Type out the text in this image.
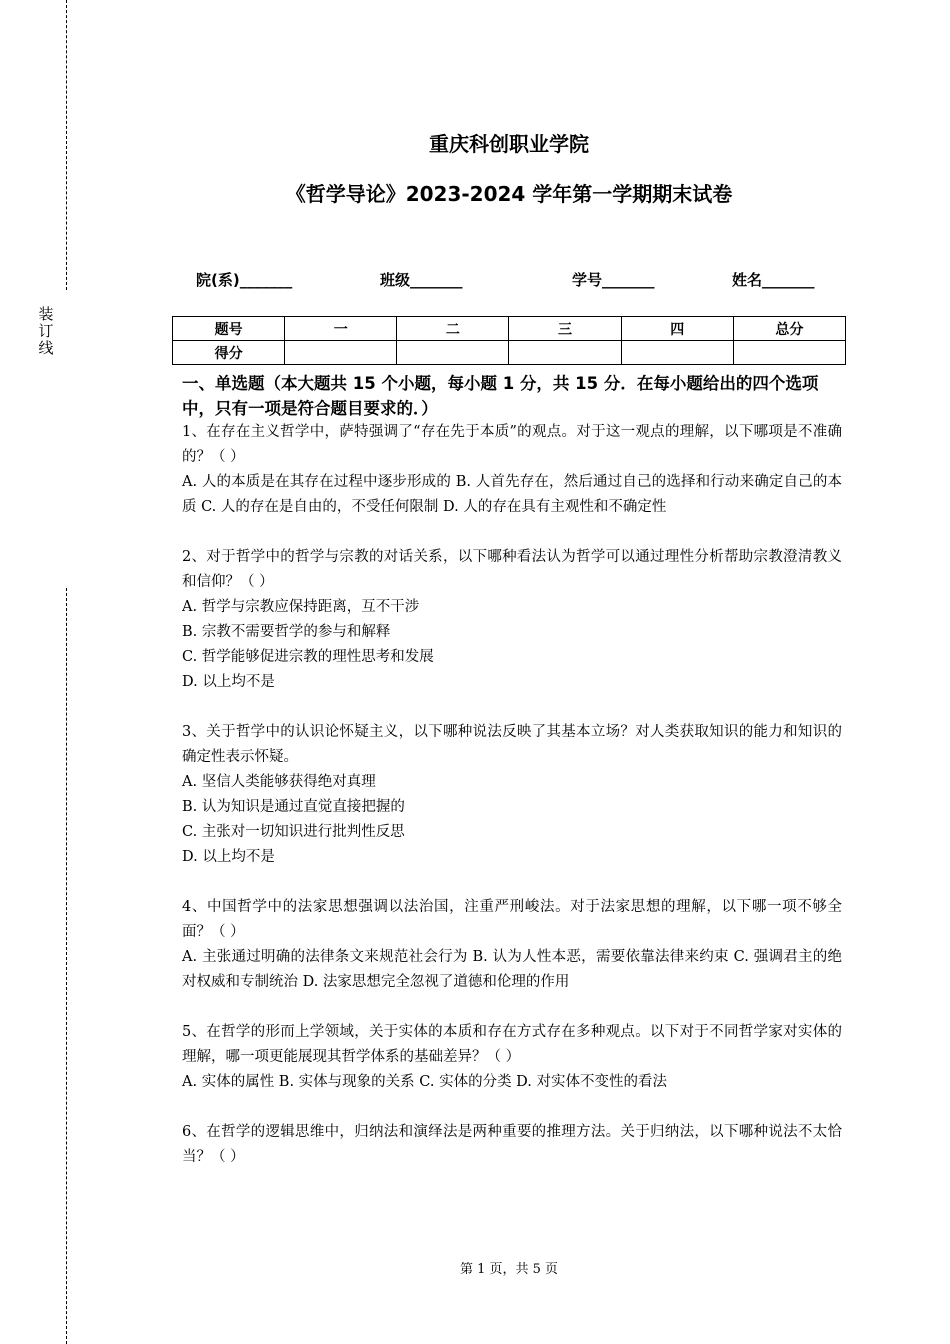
装
订
线
重庆科创职业学院
《哲学导论》2023-2024 学年第一学期期末试卷
院(系)_______	班级_______	学号_______	姓名_______
题号	一	二	三	四	总分
得分					
一、单选题（本大题共 15 个小题，每小题 1 分，共 15 分．在每小题给出的四个选项中，只有一项是符合题目要求的．）
1、在存在主义哲学中，萨特强调了“存在先于本质”的观点。对于这一观点的理解，以下哪项是不准确的？（ ）
A. 人的本质是在其存在过程中逐步形成的 B. 人首先存在，然后通过自己的选择和行动来确定自己的本质 C. 人的存在是自由的，不受任何限制 D. 人的存在具有主观性和不确定性
2、对于哲学中的哲学与宗教的对话关系，以下哪种看法认为哲学可以通过理性分析帮助宗教澄清教义和信仰？（ ）
A. 哲学与宗教应保持距离，互不干涉
B. 宗教不需要哲学的参与和解释
C. 哲学能够促进宗教的理性思考和发展
D. 以上均不是
3、关于哲学中的认识论怀疑主义，以下哪种说法反映了其基本立场？对人类获取知识的能力和知识的确定性表示怀疑。
A. 坚信人类能够获得绝对真理
B. 认为知识是通过直觉直接把握的
C. 主张对一切知识进行批判性反思
D. 以上均不是
4、中国哲学中的法家思想强调以法治国，注重严刑峻法。对于法家思想的理解，以下哪一项不够全面？（ ）
A. 主张通过明确的法律条文来规范社会行为 B. 认为人性本恶，需要依靠法律来约束 C. 强调君主的绝对权威和专制统治 D. 法家思想完全忽视了道德和伦理的作用
5、在哲学的形而上学领域，关于实体的本质和存在方式存在多种观点。以下对于不同哲学家对实体的理解，哪一项更能展现其哲学体系的基础差异？（ ）
A. 实体的属性 B. 实体与现象的关系 C. 实体的分类 D. 对实体不变性的看法
6、在哲学的逻辑思维中，归纳法和演绎法是两种重要的推理方法。关于归纳法，以下哪种说法不太恰当？（ ）
第 1 页，共 5 页
